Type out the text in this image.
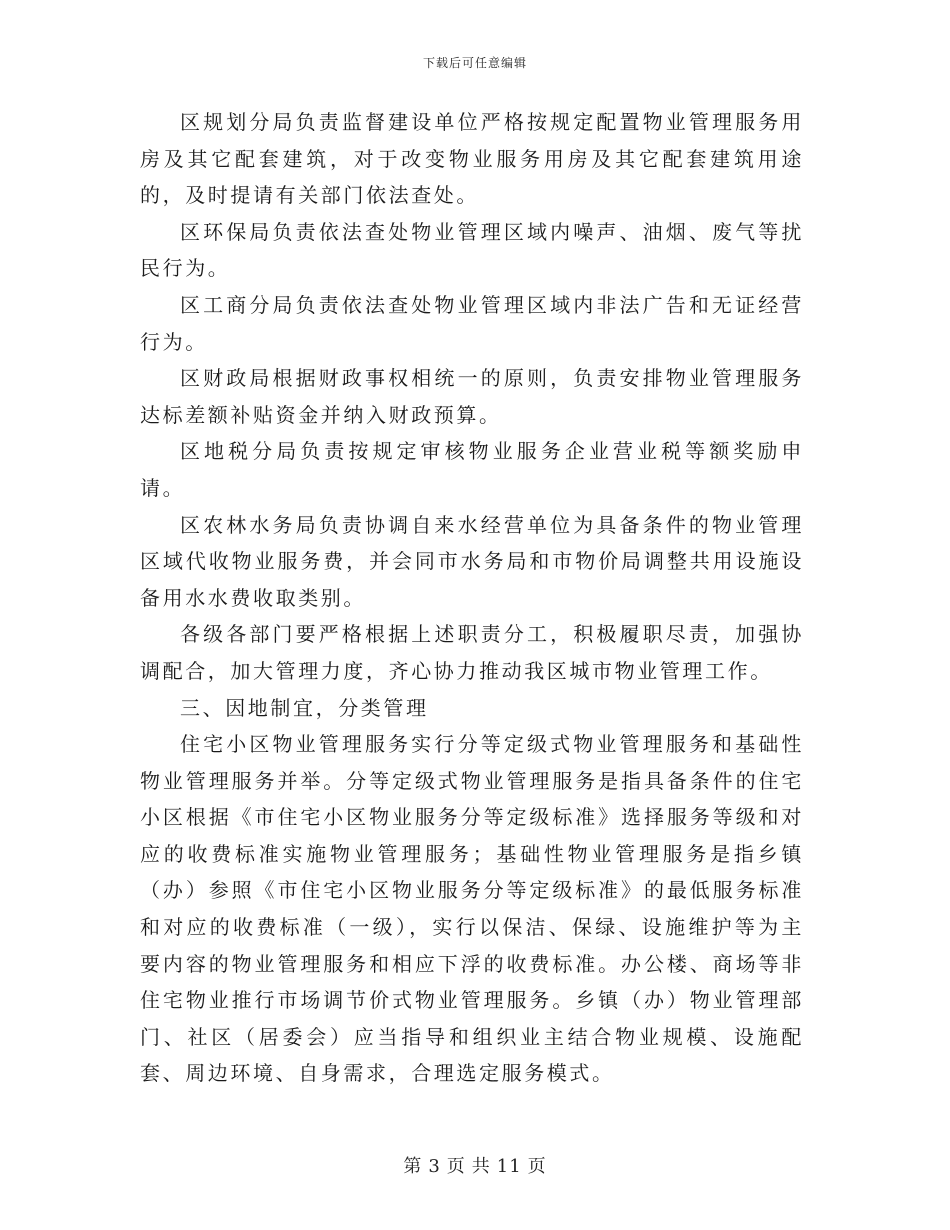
下载后可任意编辑

区规划分局负责监督建设单位严格按规定配置物业管理服务用房及其它配套建筑，对于改变物业服务用房及其它配套建筑用途的，及时提请有关部门依法查处。

区环保局负责依法查处物业管理区域内噪声、油烟、废气等扰民行为。

区工商分局负责依法查处物业管理区域内非法广告和无证经营行为。

区财政局根据财政事权相统一的原则，负责安排物业管理服务达标差额补贴资金并纳入财政预算。

区地税分局负责按规定审核物业服务企业营业税等额奖励申请。

区农林水务局负责协调自来水经营单位为具备条件的物业管理区域代收物业服务费，并会同市水务局和市物价局调整共用设施设备用水水费收取类别。

各级各部门要严格根据上述职责分工，积极履职尽责，加强协调配合，加大管理力度，齐心协力推动我区城市物业管理工作。

三、因地制宜，分类管理

住宅小区物业管理服务实行分等定级式物业管理服务和基础性物业管理服务并举。分等定级式物业管理服务是指具备条件的住宅小区根据《市住宅小区物业服务分等定级标准》选择服务等级和对应的收费标准实施物业管理服务；基础性物业管理服务是指乡镇（办）参照《市住宅小区物业服务分等定级标准》的最低服务标准和对应的收费标准（一级），实行以保洁、保绿、设施维护等为主要内容的物业管理服务和相应下浮的收费标准。办公楼、商场等非住宅物业推行市场调节价式物业管理服务。乡镇（办）物业管理部门、社区（居委会）应当指导和组织业主结合物业规模、设施配套、周边环境、自身需求，合理选定服务模式。

第 3 页 共 11 页
